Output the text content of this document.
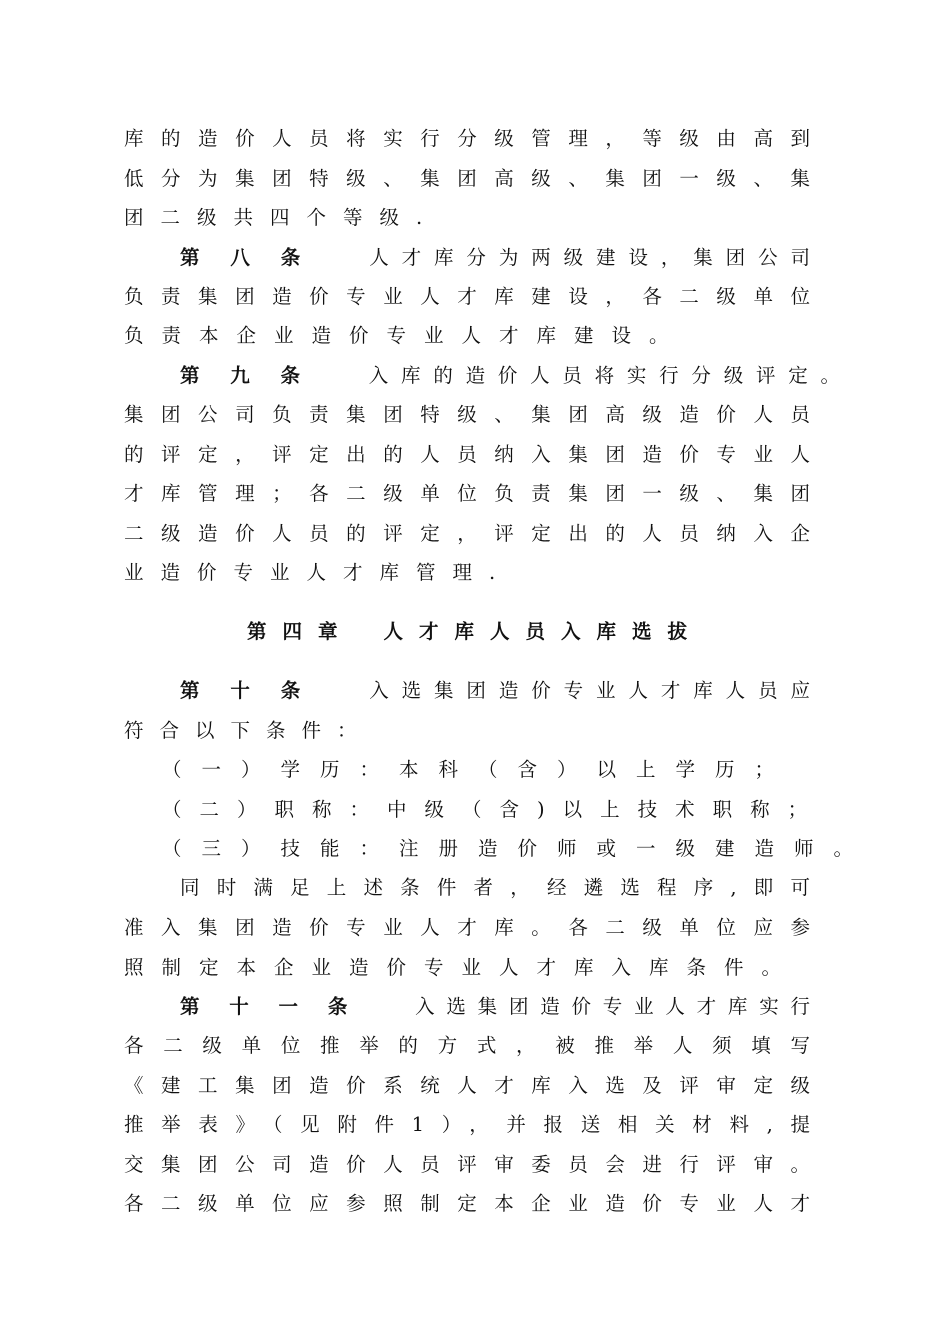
库的造价人员将实行分级管理，等级由高到
低分为集团特级、集团高级、集团一级、集
团二级共四个等级.
第八条 人才库分为两级建设，集团公司
负责集团造价专业人才库建设，各二级单位
负责本企业造价专业人才库建设。
第九条 入库的造价人员将实行分级评定。
集团公司负责集团特级、集团高级造价人员
的评定，评定出的人员纳入集团造价专业人
才库管理；各二级单位负责集团一级、集团
二级造价人员的评定，评定出的人员纳入企
业造价专业人才库管理.
第四章 人才库人员入库选拔
第十条 入选集团造价专业人才库人员应
符合以下条件：
（一）学历：本科（含）以上学历；
（二）职称：中级（含)以上技术职称；
（三）技能：注册造价师或一级建造师。
同时满足上述条件者，经遴选程序,即可
准入集团造价专业人才库。各二级单位应参
照制定本企业造价专业人才库入库条件。
第十一条 入选集团造价专业人才库实行
各二级单位推举的方式，被推举人须填写
《建工集团造价系统人才库入选及评审定级
推举表》（见附件1），并报送相关材料,提
交集团公司造价人员评审委员会进行评审。
各二级单位应参照制定本企业造价专业人才
